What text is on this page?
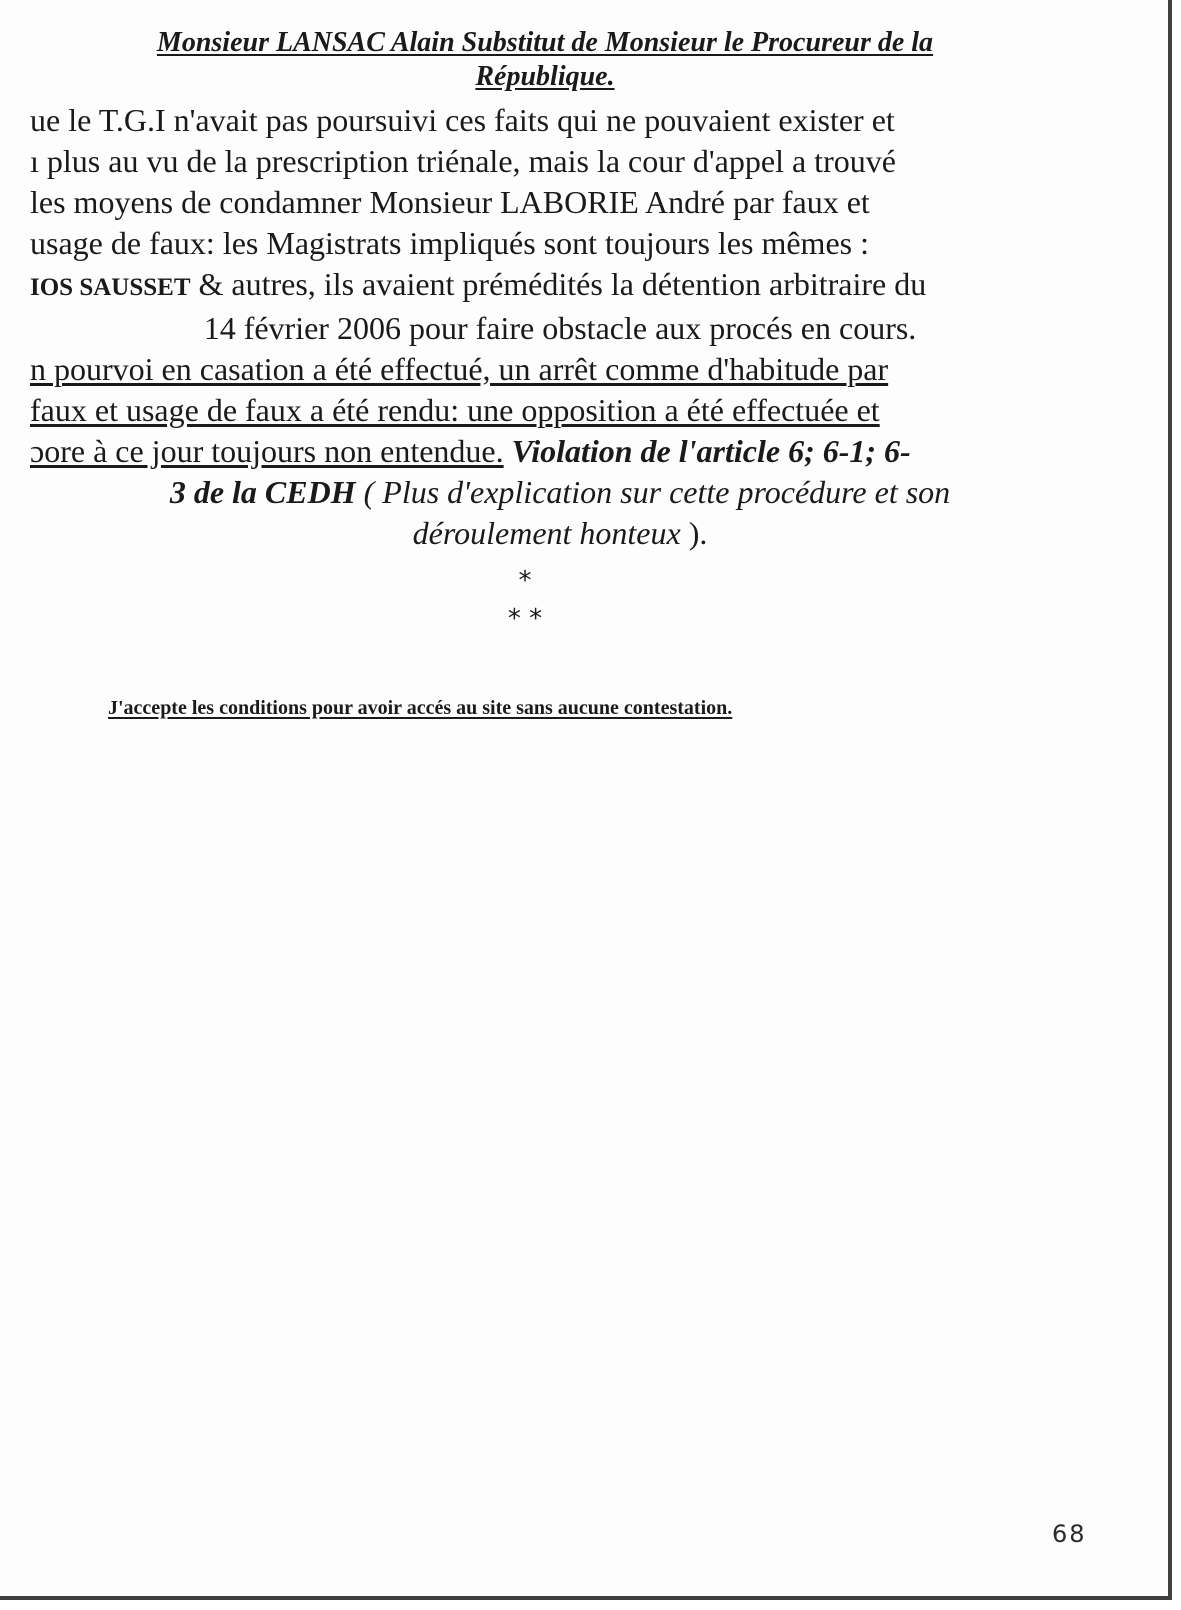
Monsieur LANSAC Alain Substitut de Monsieur le Procureur de la
République.
ue le T.G.I n'avait pas poursuivi ces faits qui ne pouvaient exister et
ı plus au vu de la prescription triénale, mais la cour d'appel a trouvé
les moyens de condamner Monsieur LABORIE André par faux et
usage de faux: les Magistrats impliqués sont toujours les mêmes :
IOS SAUSSET & autres, ils avaient prémédités la détention arbitraire du
14 février 2006 pour faire obstacle aux procés en cours.
n pourvoi en casation a été effectué, un arrêt comme d'habitude par
faux et usage de faux a été rendu: une opposition a été effectuée et
ɔore à ce jour toujours non entendue. Violation de l'article 6; 6-1; 6-
3 de la CEDH ( Plus d'explication sur cette procédure et son
déroulement honteux ).
*
* *
J'accepte les conditions pour avoir accés au site sans aucune contestation.
68
